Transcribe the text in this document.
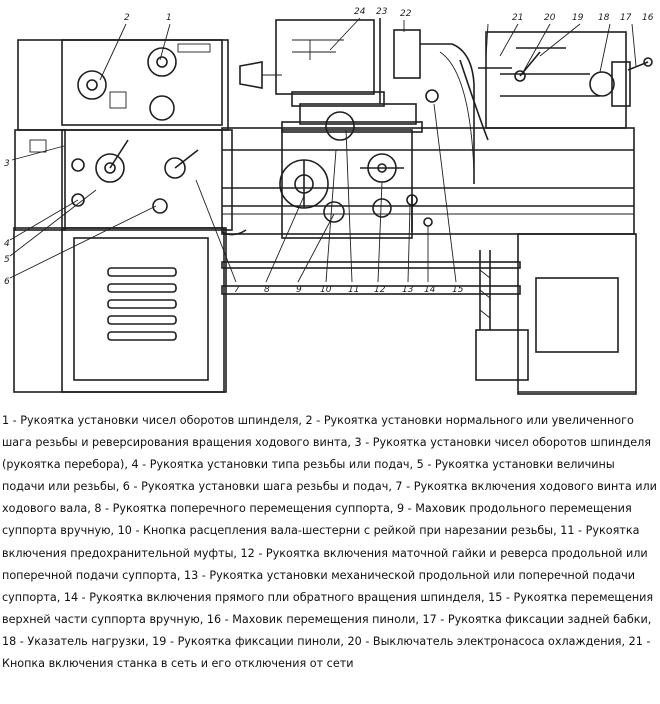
1
2
3
4
5
6
7	8	9 10 11 12 13 14 15
16
17
18
19
20
21
22
23
24

1 - Рукоятка установки чисел оборотов шпинделя, 2 - Рукоятка установки нормального или увеличенного шага резьбы и реверсирования вращения ходового винта, 3 - Рукоятка установки чисел оборотов шпинделя (рукоятка перебора), 4 - Рукоятка установки типа резьбы или подач, 5 - Рукоятка установки величины подачи или резьбы, 6 - Рукоятка установки шага резьбы и подач, 7 - Рукоятка включения ходового винта или ходового вала, 8 - Рукоятка поперечного перемещения суппорта, 9 - Маховик продольного перемещения суппорта вручную, 10 - Кнопка расцепления вала-шестерни с рейкой при нарезании резьбы, 11 - Рукоятка включения предохранительной муфты, 12 - Рукоятка включения маточной гайки и реверса продольной или поперечной подачи суппорта, 13 - Рукоятка установки механической продольной или поперечной подачи суппорта, 14 - Рукоятка включения прямого пли обратного вращения шпинделя, 15 - Рукоятка перемещения верхней части суппорта вручную, 16 - Маховик перемещения пиноли, 17 - Рукоятка фиксации задней бабки, 18 - Указатель нагрузки, 19 - Рукоятка фиксации пиноли, 20 - Выключатель электронасоса охлаждения, 21 - Кнопка включения станка в сеть и его отключения от сети
